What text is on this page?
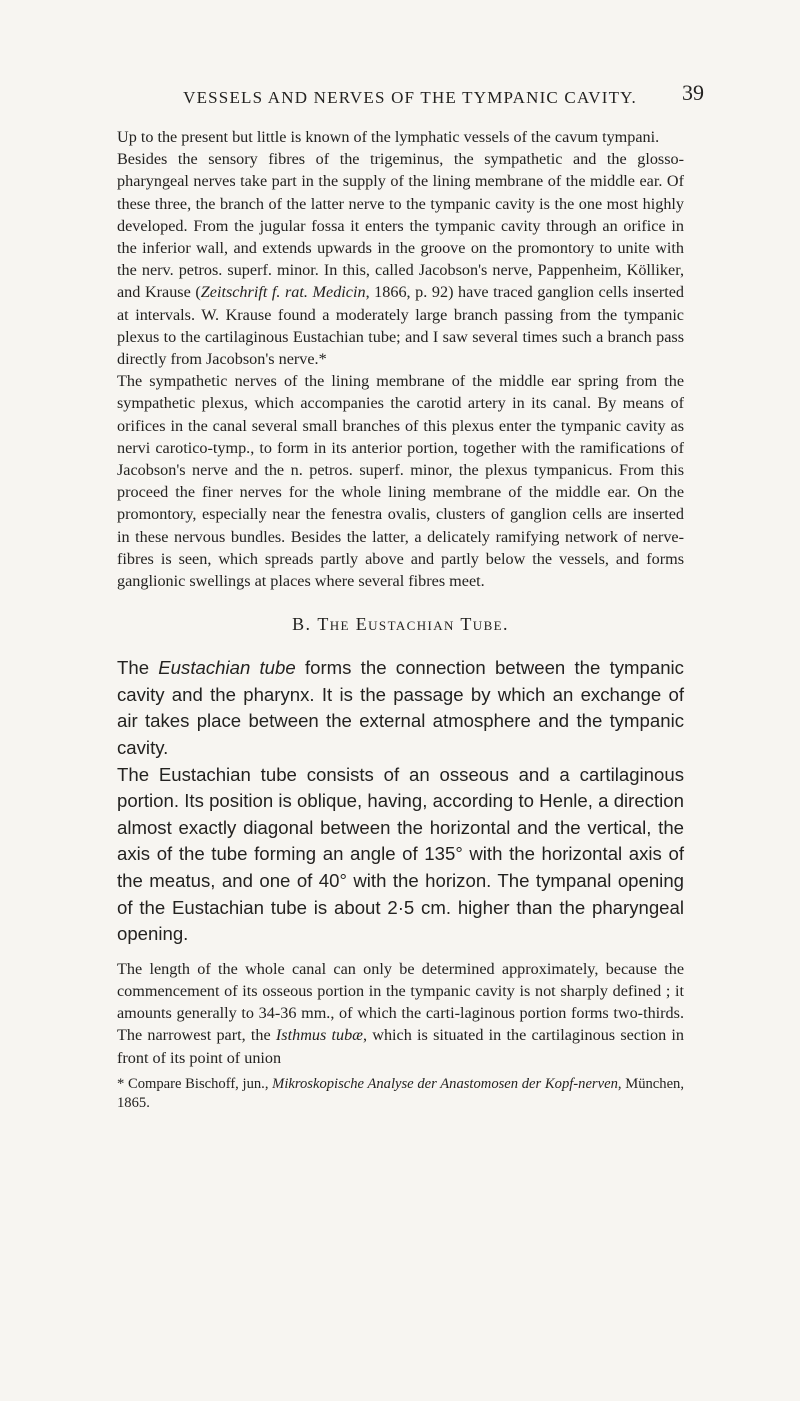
VESSELS AND NERVES OF THE TYMPANIC CAVITY.	39

Up to the present but little is known of the lymphatic vessels of the cavum tympani.

Besides the sensory fibres of the trigeminus, the sympathetic and the glosso-pharyngeal nerves take part in the supply of the lining membrane of the middle ear. Of these three, the branch of the latter nerve to the tympanic cavity is the one most highly developed. From the jugular fossa it enters the tympanic cavity through an orifice in the inferior wall, and extends upwards in the groove on the promontory to unite with the nerv. petros. superf. minor. In this, called Jacobson's nerve, Pappenheim, Kölliker, and Krause (Zeitschrift f. rat. Medicin, 1866, p. 92) have traced ganglion cells inserted at intervals. W. Krause found a moderately large branch passing from the tympanic plexus to the cartilaginous Eustachian tube; and I saw several times such a branch pass directly from Jacobson's nerve.*

The sympathetic nerves of the lining membrane of the middle ear spring from the sympathetic plexus, which accompanies the carotid artery in its canal. By means of orifices in the canal several small branches of this plexus enter the tympanic cavity as nervi carotico-tymp., to form in its anterior portion, together with the ramifications of Jacobson's nerve and the n. petros. superf. minor, the plexus tympanicus. From this proceed the finer nerves for the whole lining membrane of the middle ear. On the promontory, especially near the fenestra ovalis, clusters of ganglion cells are inserted in these nervous bundles. Besides the latter, a delicately ramifying network of nerve-fibres is seen, which spreads partly above and partly below the vessels, and forms ganglionic swellings at places where several fibres meet.

B. The Eustachian Tube.

The Eustachian tube forms the connection between the tympanic cavity and the pharynx. It is the passage by which an exchange of air takes place between the external atmosphere and the tympanic cavity.

The Eustachian tube consists of an osseous and a cartilaginous portion. Its position is oblique, having, according to Henle, a direction almost exactly diagonal between the horizontal and the vertical, the axis of the tube forming an angle of 135° with the horizontal axis of the meatus, and one of 40° with the horizon. The tympanal opening of the Eustachian tube is about 2·5 cm. higher than the pharyngeal opening.

The length of the whole canal can only be determined approximately, because the commencement of its osseous portion in the tympanic cavity is not sharply defined ; it amounts generally to 34-36 mm., of which the carti-laginous portion forms two-thirds. The narrowest part, the Isthmus tubæ, which is situated in the cartilaginous section in front of its point of union

* Compare Bischoff, jun., Mikroskopische Analyse der Anastomosen der Kopf-nerven, München, 1865.
